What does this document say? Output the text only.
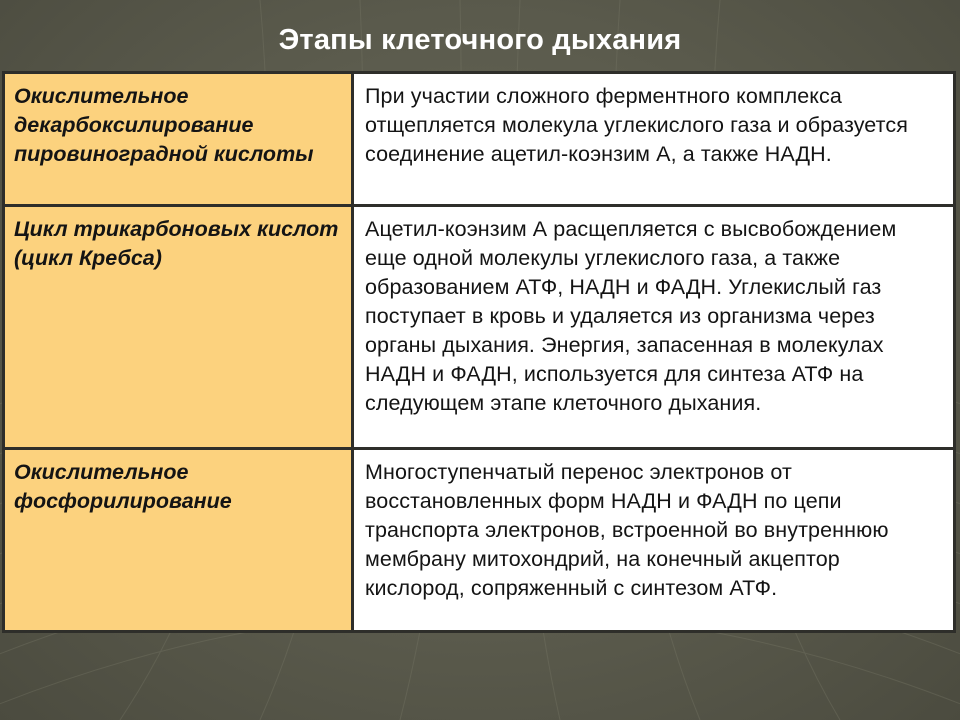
Этапы клеточного дыхания
Окислительное декарбоксилирование пировиноградной кислоты	При участии сложного ферментного комплекса отщепляется молекула углекислого газа и образуется соединение ацетил-коэнзим А, а также НАДН.
Цикл трикарбоновых кислот (цикл Кребса)	Ацетил-коэнзим А расщепляется с высвобождением еще одной молекулы углекислого газа, а также образованием АТФ, НАДН и ФАДН. Углекислый газ поступает в кровь и удаляется из организма через органы дыхания. Энергия, запасенная в молекулах НАДН и ФАДН, используется для синтеза АТФ на следующем этапе клеточного дыхания.
Окислительное фосфорилирование	Многоступенчатый перенос электронов от восстановленных форм НАДН и ФАДН по цепи транспорта электронов, встроенной во внутреннюю мембрану митохондрий, на конечный акцептор кислород, сопряженный с синтезом АТФ.
